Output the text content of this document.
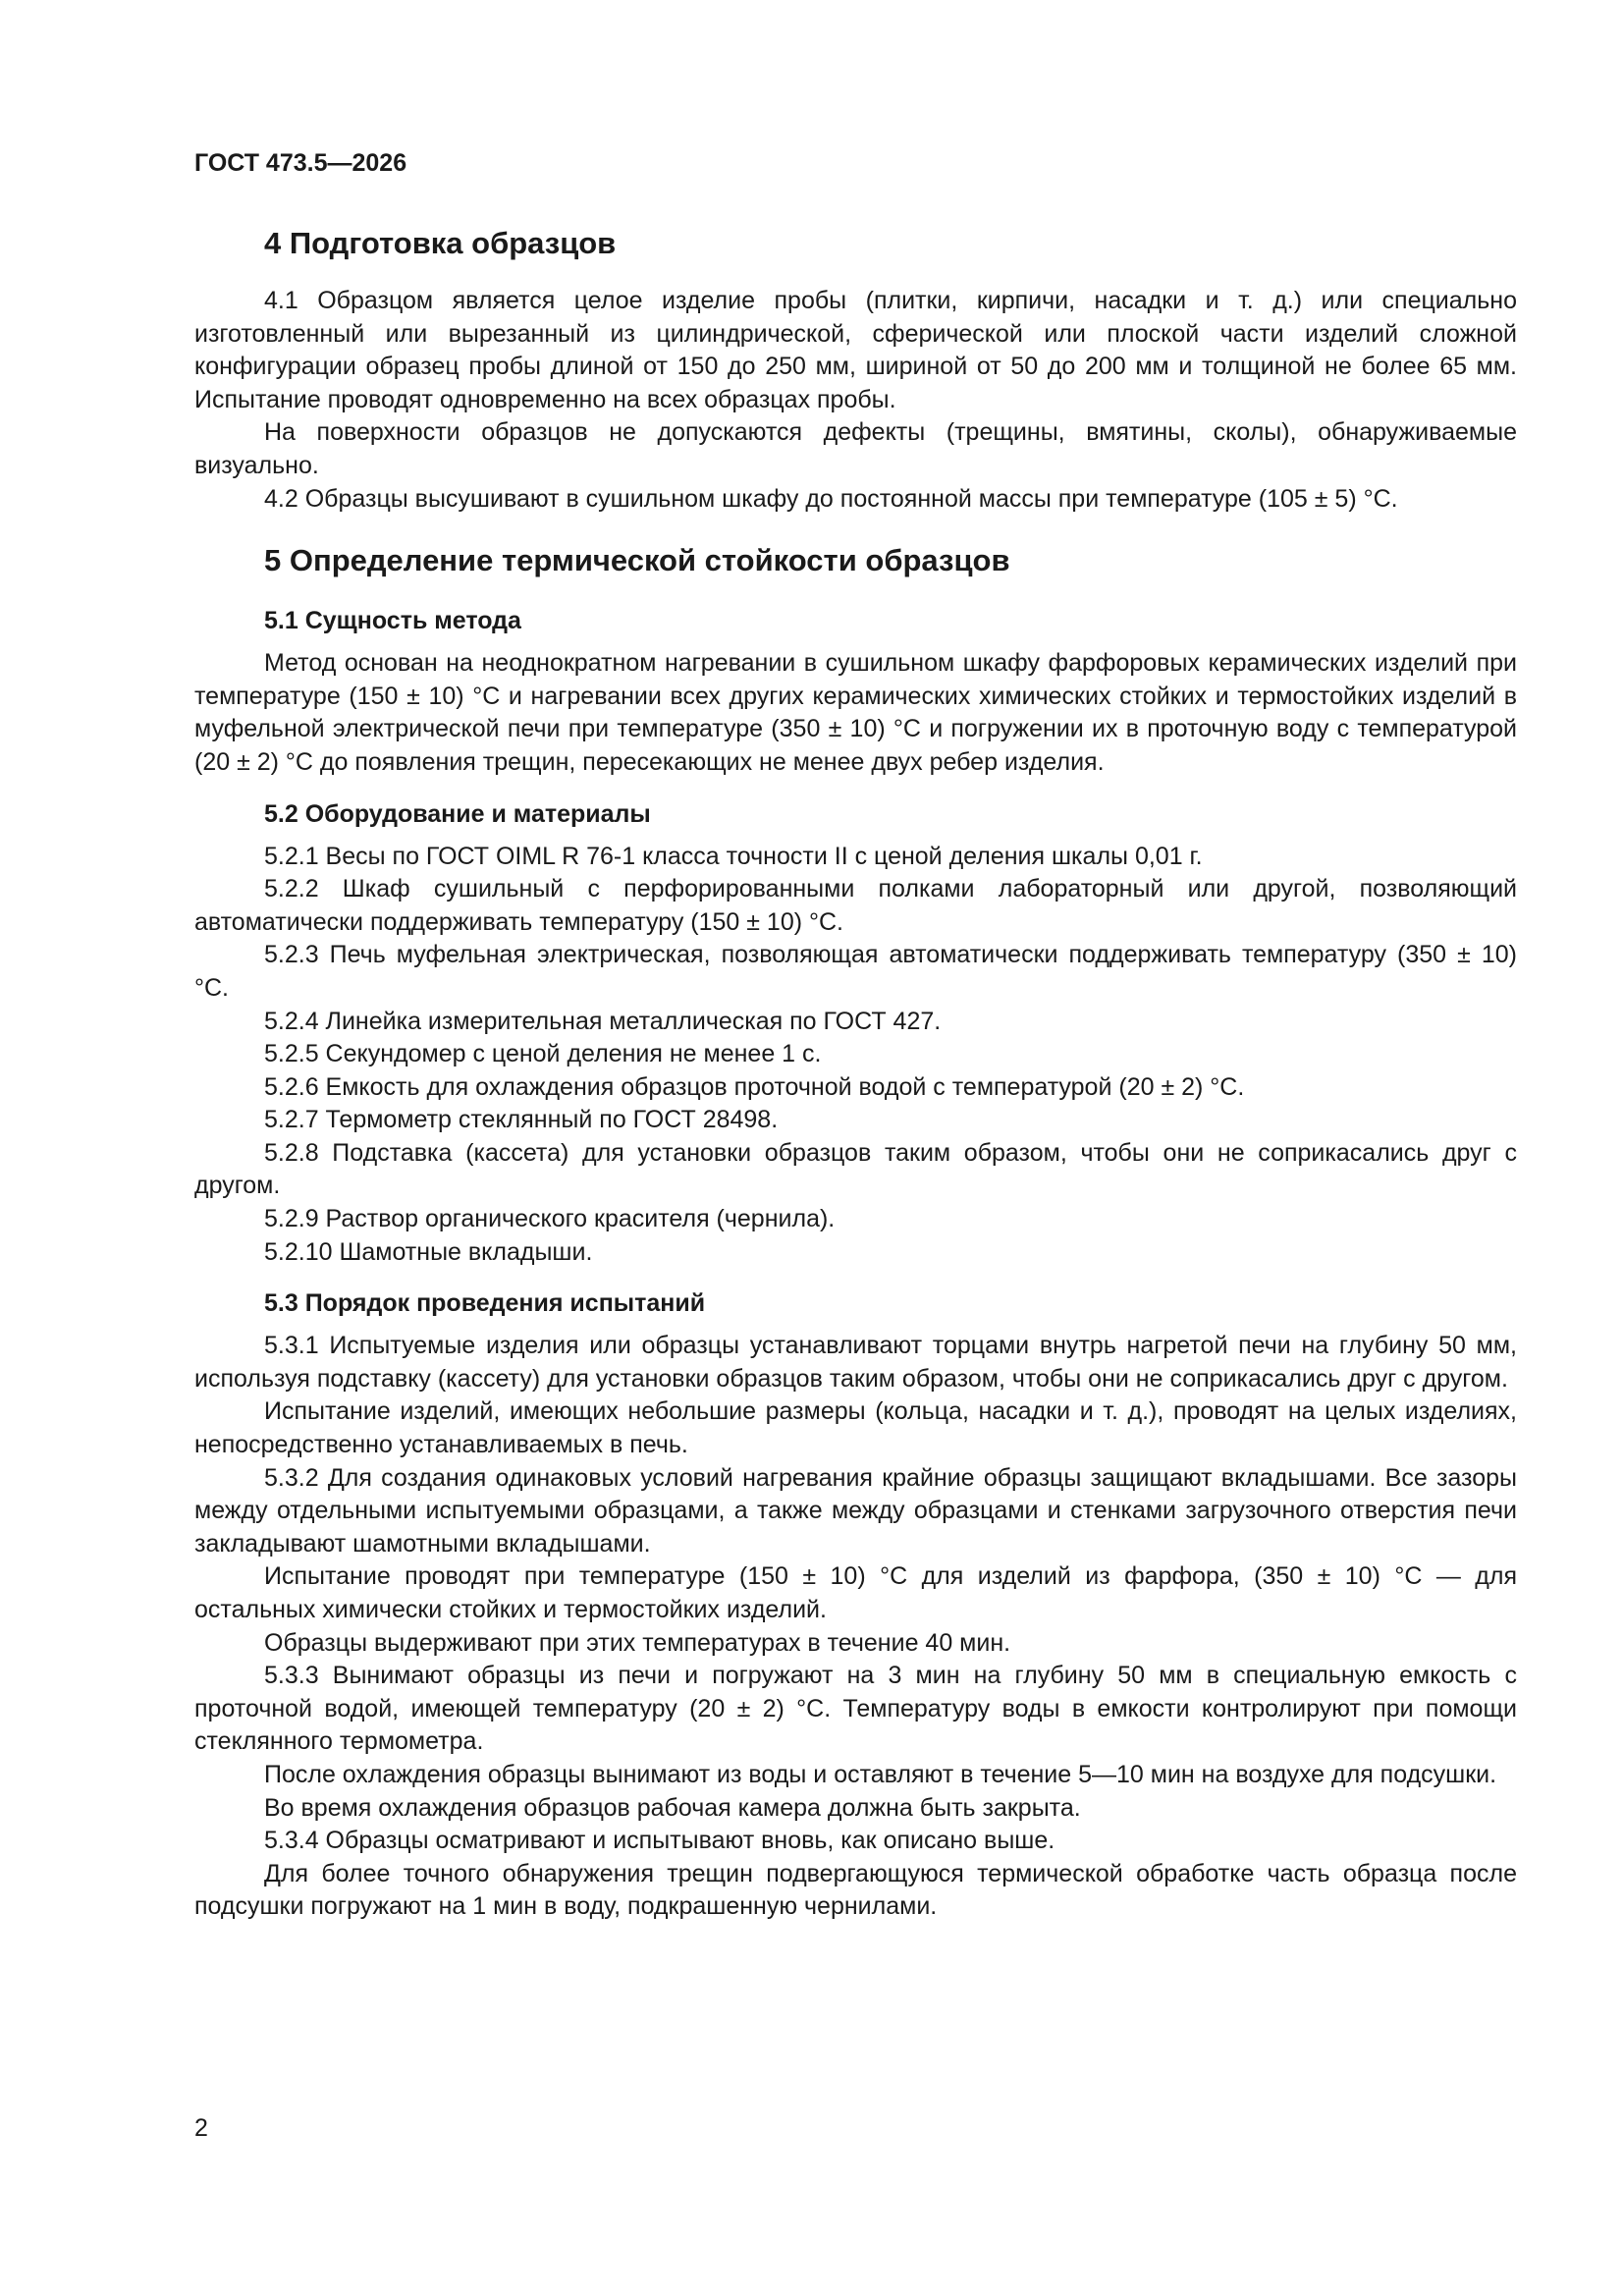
ГОСТ 473.5—2026
4 Подготовка образцов

4.1 Образцом является целое изделие пробы (плитки, кирпичи, насадки и т. д.) или специально изготовленный или вырезанный из цилиндрической, сферической или плоской части изделий сложной конфигурации образец пробы длиной от 150 до 250 мм, шириной от 50 до 200 мм и толщиной не более 65 мм. Испытание проводят одновременно на всех образцах пробы.

На поверхности образцов не допускаются дефекты (трещины, вмятины, сколы), обнаруживаемые визуально.

4.2 Образцы высушивают в сушильном шкафу до постоянной массы при температуре (105 ± 5) °С.

5 Определение термической стойкости образцов
5.1 Сущность метода

Метод основан на неоднократном нагревании в сушильном шкафу фарфоровых керамических изделий при температуре (150 ± 10) °С и нагревании всех других керамических химических стойких и термостойких изделий в муфельной электрической печи при температуре (350 ± 10) °С и погружении их в проточную воду с температурой (20 ± 2) °С до появления трещин, пересекающих не менее двух ребер изделия.

5.2 Оборудование и материалы

5.2.1 Весы по ГОСТ OIML R 76-1 класса точности II с ценой деления шкалы 0,01 г.

5.2.2 Шкаф сушильный с перфорированными полками лабораторный или другой, позволяющий автоматически поддерживать температуру (150 ± 10) °С.

5.2.3 Печь муфельная электрическая, позволяющая автоматически поддерживать температуру (350 ± 10) °С.

5.2.4 Линейка измерительная металлическая по ГОСТ 427.

5.2.5 Секундомер с ценой деления не менее 1 с.

5.2.6 Емкость для охлаждения образцов проточной водой с температурой (20 ± 2) °С.

5.2.7 Термометр стеклянный по ГОСТ 28498.

5.2.8 Подставка (кассета) для установки образцов таким образом, чтобы они не соприкасались друг с другом.

5.2.9 Раствор органического красителя (чернила).

5.2.10 Шамотные вкладыши.

5.3 Порядок проведения испытаний

5.3.1 Испытуемые изделия или образцы устанавливают торцами внутрь нагретой печи на глубину 50 мм, используя подставку (кассету) для установки образцов таким образом, чтобы они не соприкасались друг с другом.

Испытание изделий, имеющих небольшие размеры (кольца, насадки и т. д.), проводят на целых изделиях, непосредственно устанавливаемых в печь.

5.3.2 Для создания одинаковых условий нагревания крайние образцы защищают вкладышами. Все зазоры между отдельными испытуемыми образцами, а также между образцами и стенками загрузочного отверстия печи закладывают шамотными вкладышами.

Испытание проводят при температуре (150 ± 10) °С для изделий из фарфора, (350 ± 10) °С — для остальных химически стойких и термостойких изделий.

Образцы выдерживают при этих температурах в течение 40 мин.

5.3.3 Вынимают образцы из печи и погружают на 3 мин на глубину 50 мм в специальную емкость с проточной водой, имеющей температуру (20 ± 2) °С. Температуру воды в емкости контролируют при помощи стеклянного термометра.

После охлаждения образцы вынимают из воды и оставляют в течение 5—10 мин на воздухе для подсушки.

Во время охлаждения образцов рабочая камера должна быть закрыта.

5.3.4 Образцы осматривают и испытывают вновь, как описано выше.

Для более точного обнаружения трещин подвергающуюся термической обработке часть образца после подсушки погружают на 1 мин в воду, подкрашенную чернилами.

2
